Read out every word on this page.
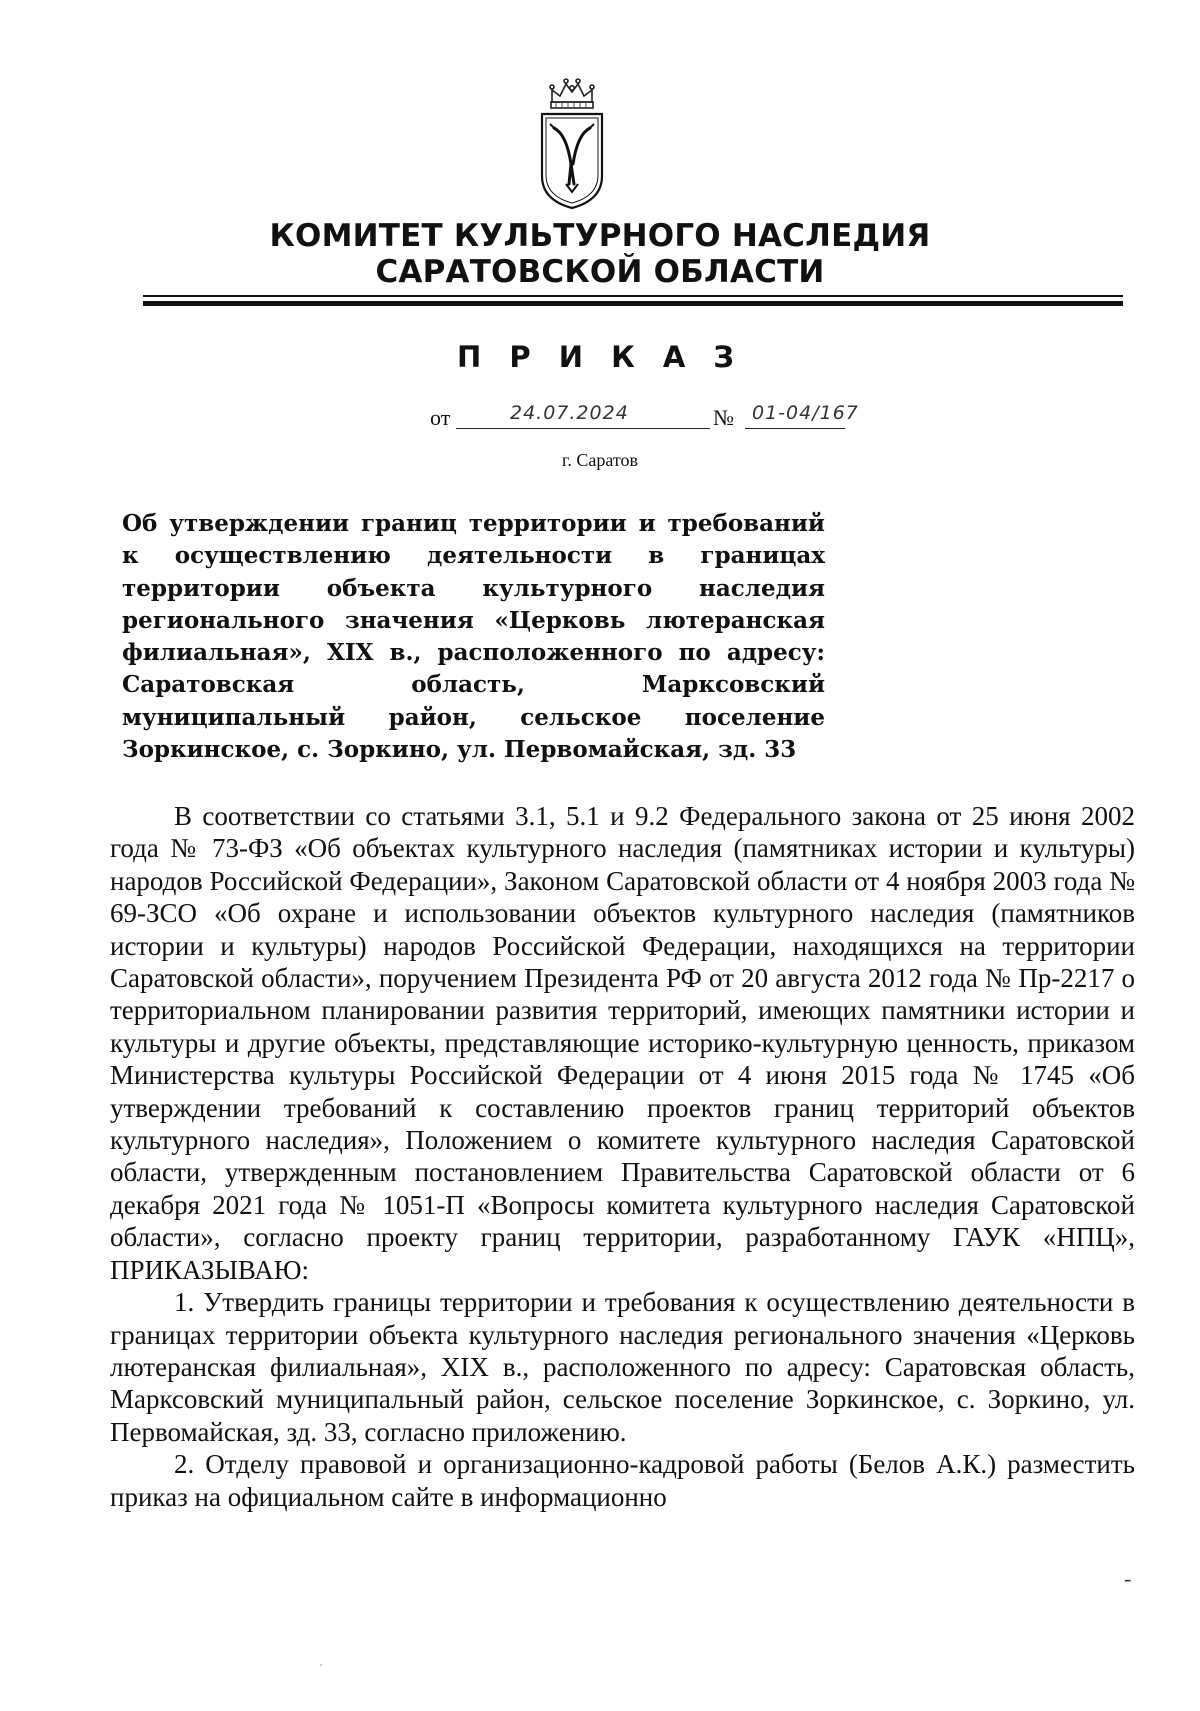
КОМИТЕТ КУЛЬТУРНОГО НАСЛЕДИЯ
САРАТОВСКОЙ ОБЛАСТИ
П Р И К А З
от	24.07.2024	№ 01-04/167
г. Саратов
Об утверждении границ территории и требований к осуществлению деятельности в границах территории объекта культурного наследия регионального значения «Церковь лютеранская филиальная», XIX в., расположенного по адресу: Саратовская область, Марксовский муниципальный район, сельское поселение Зоркинское, с. Зоркино, ул. Первомайская, зд. 33

В соответствии со статьями 3.1, 5.1 и 9.2 Федерального закона от 25 июня 2002 года № 73-ФЗ «Об объектах культурного наследия (памятниках истории и культуры) народов Российской Федерации», Законом Саратовской области от 4 ноября 2003 года № 69-ЗСО «Об охране и использовании объектов культурного наследия (памятников истории и культуры) народов Российской Федерации, находящихся на территории Саратовской области», поручением Президента РФ от 20 августа 2012 года № Пр-2217 о территориальном планировании развития территорий, имеющих памятники истории и культуры и другие объекты, представляющие историко-культурную ценность, приказом Министерства культуры Российской Федерации от 4 июня 2015 года № 1745 «Об утверждении требований к составлению проектов границ территорий объектов культурного наследия», Положением о комитете культурного наследия Саратовской области, утвержденным постановлением Правительства Саратовской области от 6 декабря 2021 года № 1051-П «Вопросы комитета культурного наследия Саратовской области», согласно проекту границ территории, разработанному ГАУК «НПЦ», ПРИКАЗЫВАЮ:

1. Утвердить границы территории и требования к осуществлению деятельности в границах территории объекта культурного наследия регионального значения «Церковь лютеранская филиальная», XIX в., расположенного по адресу: Саратовская область, Марксовский муниципальный район, сельское поселение Зоркинское, с. Зоркино, ул. Первомайская, зд. 33, согласно приложению.

2. Отделу правовой и организационно-кадровой работы (Белов А.К.) разместить приказ на официальном сайте в информационно

-
